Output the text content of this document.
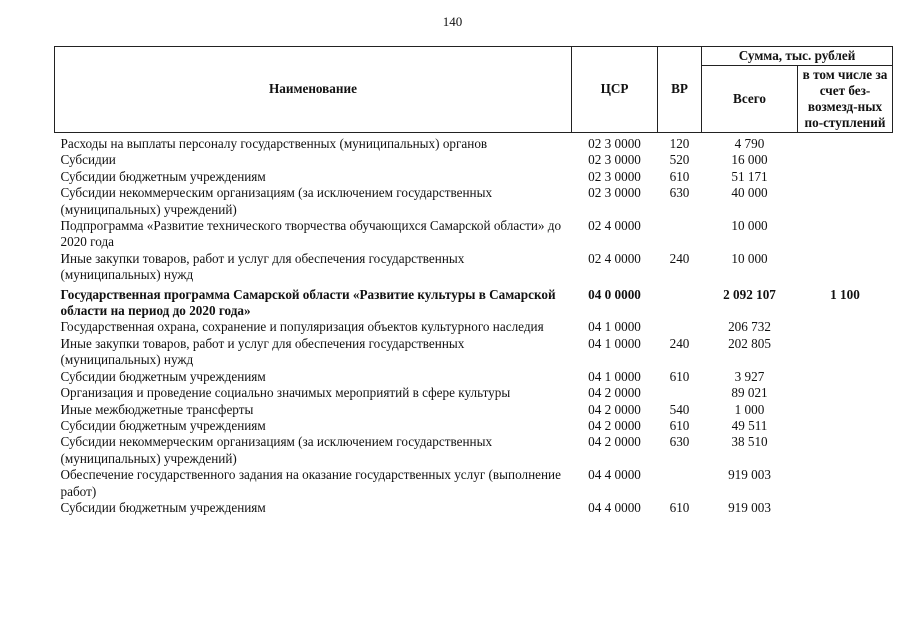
140
Наименование	ЦСР	ВР	Сумма, тыс. рублей	
			Всего	в том числе за счет без-возмезд-ных по-ступлений
Расходы на выплаты персоналу государственных (муниципальных) органов	02 3 0000	120	4 790	
Субсидии	02 3 0000	520	16 000	
Субсидии бюджетным учреждениям	02 3 0000	610	51 171	
Субсидии некоммерческим организациям (за исключением государственных (муниципальных) учреждений)	02 3 0000	630	40 000	
Подпрограмма «Развитие технического творчества обучающихся Самарской области» до 2020 года	02 4 0000		10 000	
Иные закупки товаров, работ и услуг для обеспечения государственных (муниципальных) нужд	02 4 0000	240	10 000	
Государственная программа Самарской области «Развитие культуры в Самарской области на период до 2020 года»	04 0 0000		2 092 107	1 100
Государственная охрана, сохранение и популяризация объектов культурного наследия	04 1 0000		206 732	
Иные закупки товаров, работ и услуг для обеспечения государственных (муниципальных) нужд	04 1 0000	240	202 805	
Субсидии бюджетным учреждениям	04 1 0000	610	3 927	
Организация и проведение социально значимых мероприятий в сфере культуры	04 2 0000		89 021	
Иные межбюджетные трансферты	04 2 0000	540	1 000	
Субсидии бюджетным учреждениям	04 2 0000	610	49 511	
Субсидии некоммерческим организациям (за исключением государственных (муниципальных) учреждений)	04 2 0000	630	38 510	
Обеспечение государственного задания на оказание государственных услуг (выполнение работ)	04 4 0000		919 003	
Субсидии бюджетным учреждениям	04 4 0000	610	919 003	
